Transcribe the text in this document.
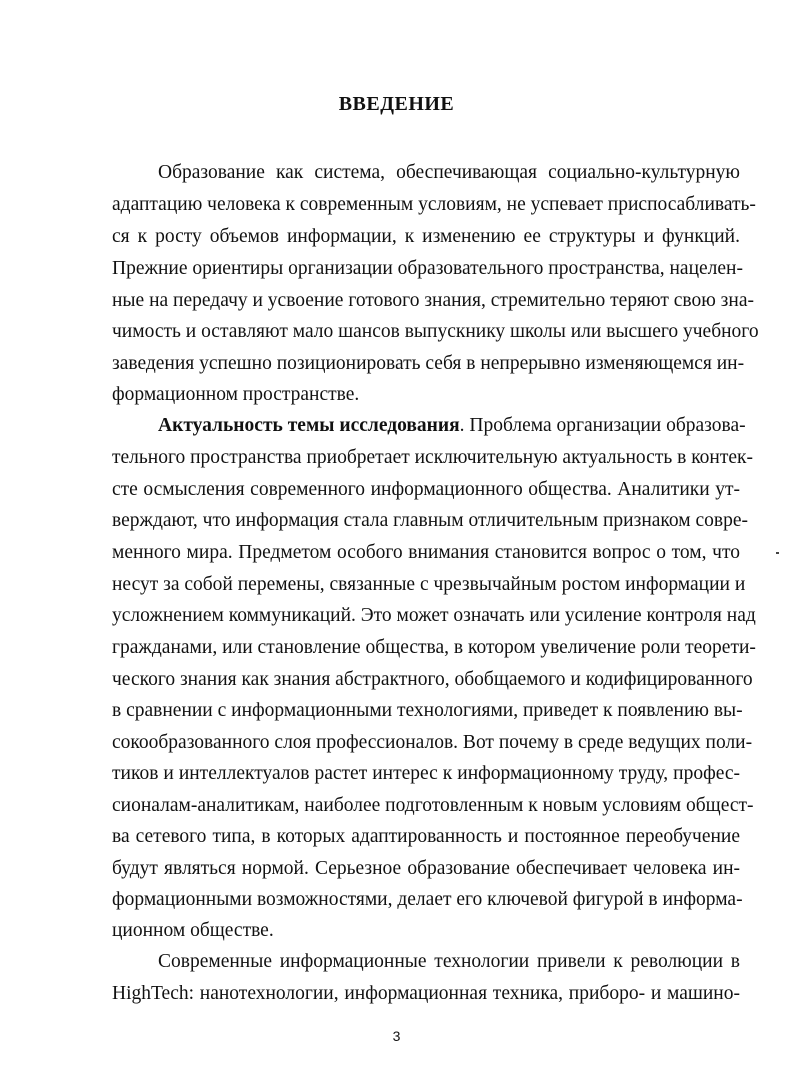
ВВЕДЕНИЕ
Образование как система, обеспечивающая социально-культурную
адаптацию человека к современным условиям, не успевает приспосабливать-
ся к росту объемов информации, к изменению ее структуры и функций.
Прежние ориентиры организации образовательного пространства, нацелен-
ные на передачу и усвоение готового знания, стремительно теряют свою зна-
чимость и оставляют мало шансов выпускнику школы или высшего учебного
заведения успешно позиционировать себя в непрерывно изменяющемся ин-
формационном пространстве.
Актуальность темы исследования. Проблема организации образова-
тельного пространства приобретает исключительную актуальность в контек-
сте осмысления современного информационного общества. Аналитики ут-
верждают, что информация стала главным отличительным признаком совре-
менного мира. Предметом особого внимания становится вопрос о том, что
несут за собой перемены, связанные с чрезвычайным ростом информации и
усложнением коммуникаций. Это может означать или усиление контроля над
гражданами, или становление общества, в котором увеличение роли теорети-
ческого знания как знания абстрактного, обобщаемого и кодифицированного
в сравнении с информационными технологиями, приведет к появлению вы-
сокообразованного слоя профессионалов. Вот почему в среде ведущих поли-
тиков и интеллектуалов растет интерес к информационному труду, профес-
сионалам-аналитикам, наиболее подготовленным к новым условиям общест-
ва сетевого типа, в которых адаптированность и постоянное переобучение
будут являться нормой. Серьезное образование обеспечивает человека ин-
формационными возможностями, делает его ключевой фигурой в информа-
ционном обществе.
Современные информационные технологии привели к революции в
HighTech: нанотехнологии, информационная техника, приборо- и машино-
3
